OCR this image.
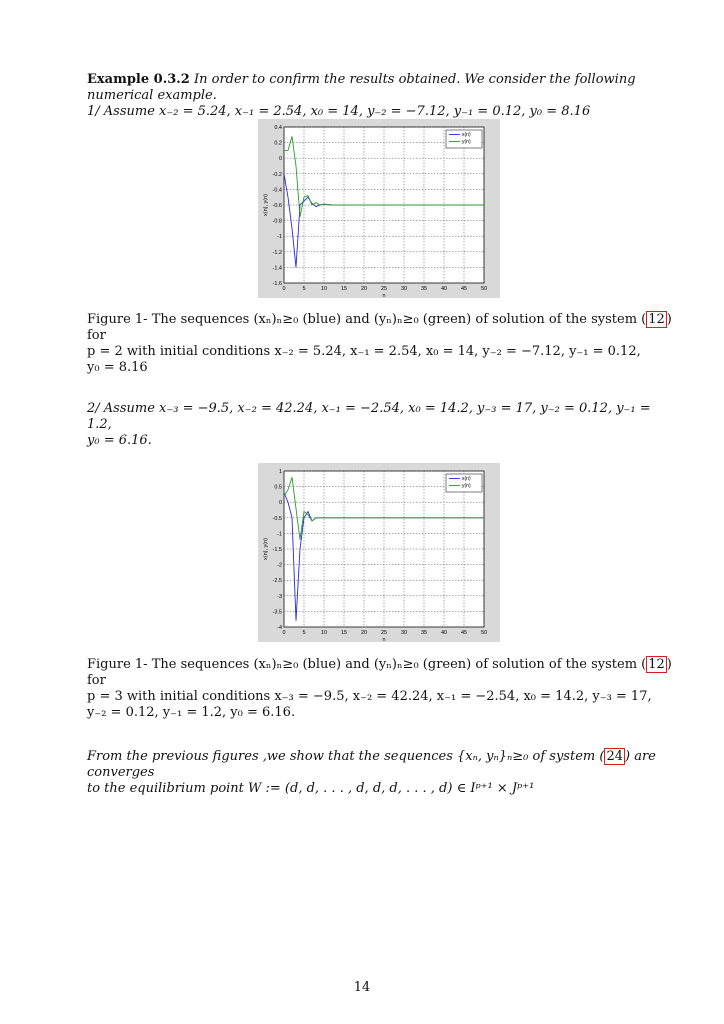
Example 0.3.2 In order to confirm the results obtained. We consider the following numerical example.
1/ Assume x₋₂ = 5.24, x₋₁ = 2.54, x₀ = 14, y₋₂ = −7.12, y₋₁ = 0.12, y₀ = 8.16
0	5	10	15	20	25	30	35	40	45	50
0.4
0.2
0
-0.2
-0.4
-0.6
-0.8
-1
-1.2
-1.4
-1.6
n
x(n), y(n)
x(n)
y(n)
Figure 1- The sequences (xₙ)ₙ≥₀ (blue) and (yₙ)ₙ≥₀ (green) of solution of the system ( 12 ) for
p = 2 with initial conditions x₋₂ = 5.24, x₋₁ = 2.54, x₀ = 14, y₋₂ = −7.12, y₋₁ = 0.12,
y₀ = 8.16
2/ Assume x₋₃ = −9.5, x₋₂ = 42.24, x₋₁ = −2.54, x₀ = 14.2, y₋₃ = 17, y₋₂ = 0.12, y₋₁ = 1.2,
y₀ = 6.16.
0	5	10	15	20	25	30	35	40	45	50
1
0.5
0
-0.5
-1
-1.5
-2
-2.5
-3
-3.5
-4
n
x(n), y(n)
x(n)
y(n)
Figure 1- The sequences (xₙ)ₙ≥₀ (blue) and (yₙ)ₙ≥₀ (green) of solution of the system ( 12 ) for
p = 3 with initial conditions x₋₃ = −9.5, x₋₂ = 42.24, x₋₁ = −2.54, x₀ = 14.2, y₋₃ = 17,
y₋₂ = 0.12, y₋₁ = 1.2, y₀ = 6.16.
From the previous figures ,we show that the sequences {xₙ, yₙ}ₙ≥₀ of system ( 24 ) are converges
to the equilibrium point W := (d, d, . . . , d, d, d, . . . , d) ∈ Iᵖ⁺¹ × Jᵖ⁺¹
14
